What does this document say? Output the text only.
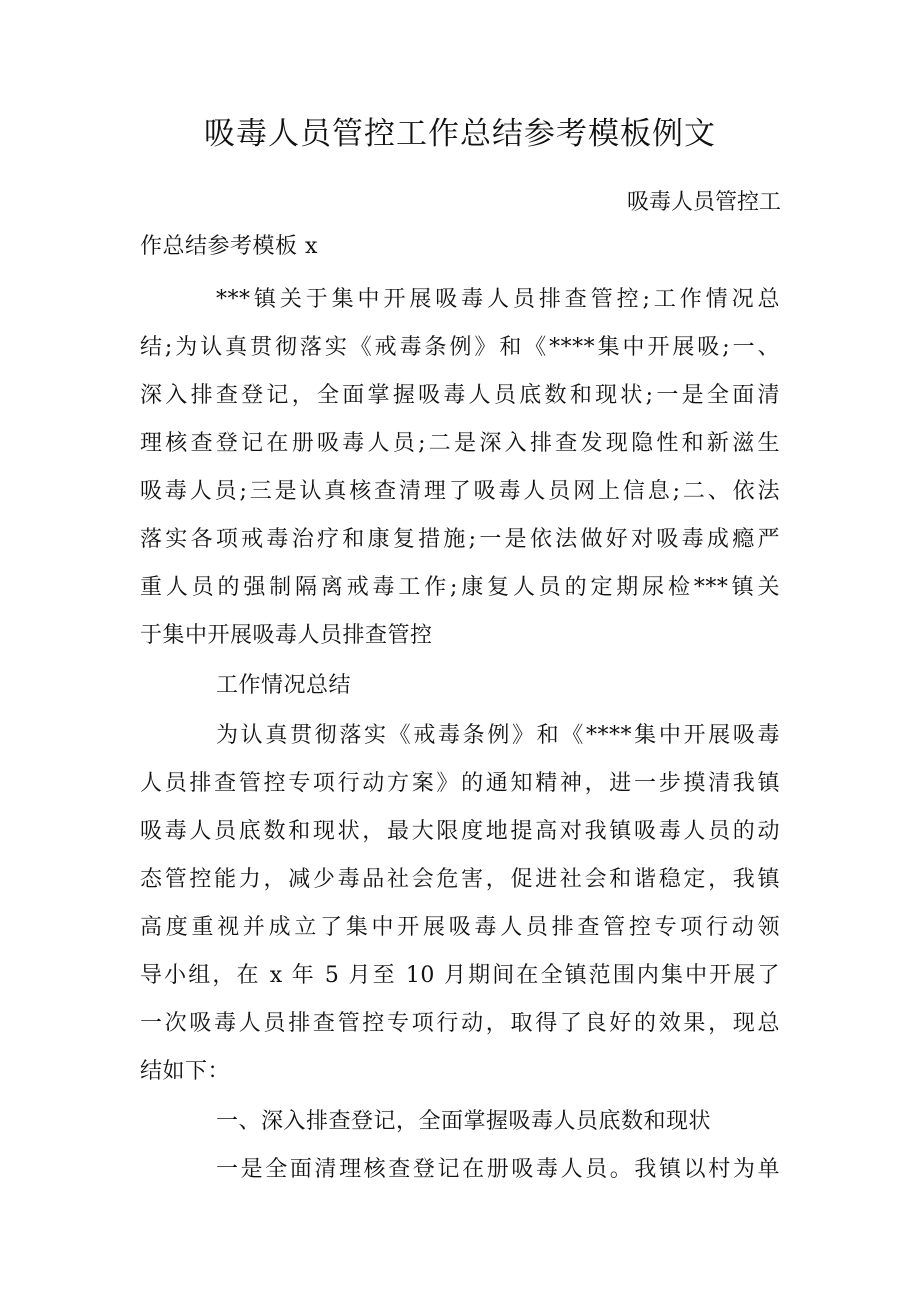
吸毒人员管控工作总结参考模板例文
吸毒人员管控工
作总结参考模板 x
***镇关于集中开展吸毒人员排查管控;工作情况总
结;为认真贯彻落实《戒毒条例》和《****集中开展吸;一、
深入排查登记，全面掌握吸毒人员底数和现状;一是全面清
理核查登记在册吸毒人员;二是深入排查发现隐性和新滋生
吸毒人员;三是认真核查清理了吸毒人员网上信息;二、依法
落实各项戒毒治疗和康复措施;一是依法做好对吸毒成瘾严
重人员的强制隔离戒毒工作;康复人员的定期尿检***镇关
于集中开展吸毒人员排查管控
工作情况总结
为认真贯彻落实《戒毒条例》和《****集中开展吸毒
人员排查管控专项行动方案》的通知精神，进一步摸清我镇
吸毒人员底数和现状，最大限度地提高对我镇吸毒人员的动
态管控能力，减少毒品社会危害，促进社会和谐稳定，我镇
高度重视并成立了集中开展吸毒人员排查管控专项行动领
导小组，在 x 年 5 月至 10 月期间在全镇范围内集中开展了
一次吸毒人员排查管控专项行动，取得了良好的效果，现总
结如下：
一、深入排查登记，全面掌握吸毒人员底数和现状
一是全面清理核查登记在册吸毒人员。我镇以村为单
